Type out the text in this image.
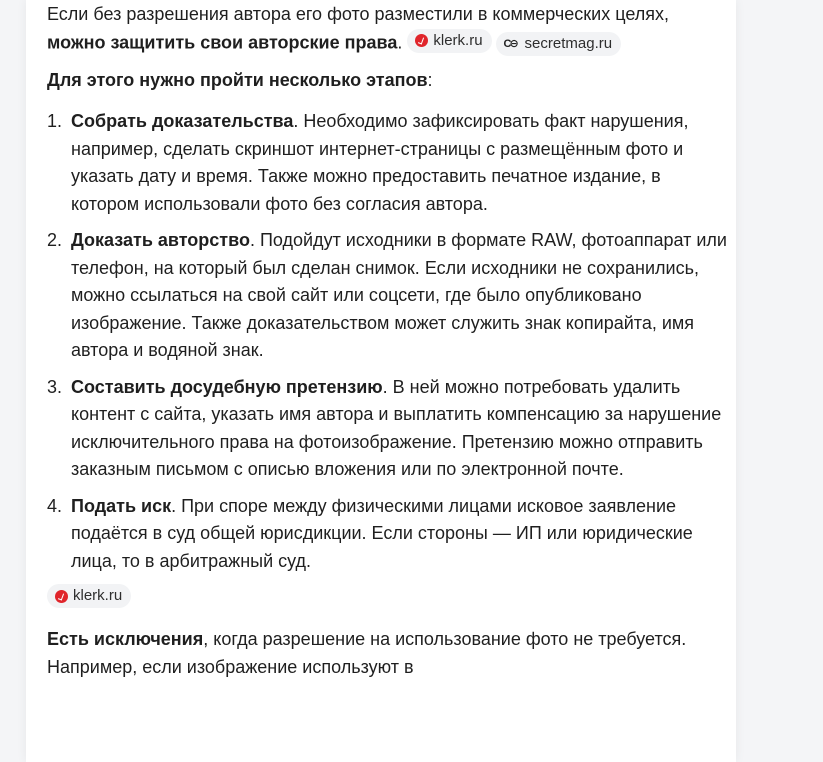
Если без разрешения автора его фото разместили в коммерческих целях, можно защитить свои авторские права. klerk.ru C⊖ secretmag.ru

Для этого нужно пройти несколько этапов:

1. Собрать доказательства. Необходимо зафиксировать факт нарушения, например, сделать скриншот интернет-страницы с размещённым фото и указать дату и время. Также можно предоставить печатное издание, в котором использовали фото без согласия автора.
2. Доказать авторство. Подойдут исходники в формате RAW, фотоаппарат или телефон, на который был сделан снимок. Если исходники не сохранились, можно ссылаться на свой сайт или соцсети, где было опубликовано изображение. Также доказательством может служить знак копирайта, имя автора и водяной знак.
3. Составить досудебную претензию. В ней можно потребовать удалить контент с сайта, указать имя автора и выплатить компенсацию за нарушение исключительного права на фотоизображение. Претензию можно отправить заказным письмом с описью вложения или по электронной почте.
4. Подать иск. При споре между физическими лицами исковое заявление подаётся в суд общей юрисдикции. Если стороны — ИП или юридические лица, то в арбитражный суд.
klerk.ru

Есть исключения, когда разрешение на использование фото не требуется. Например, если изображение используют в
